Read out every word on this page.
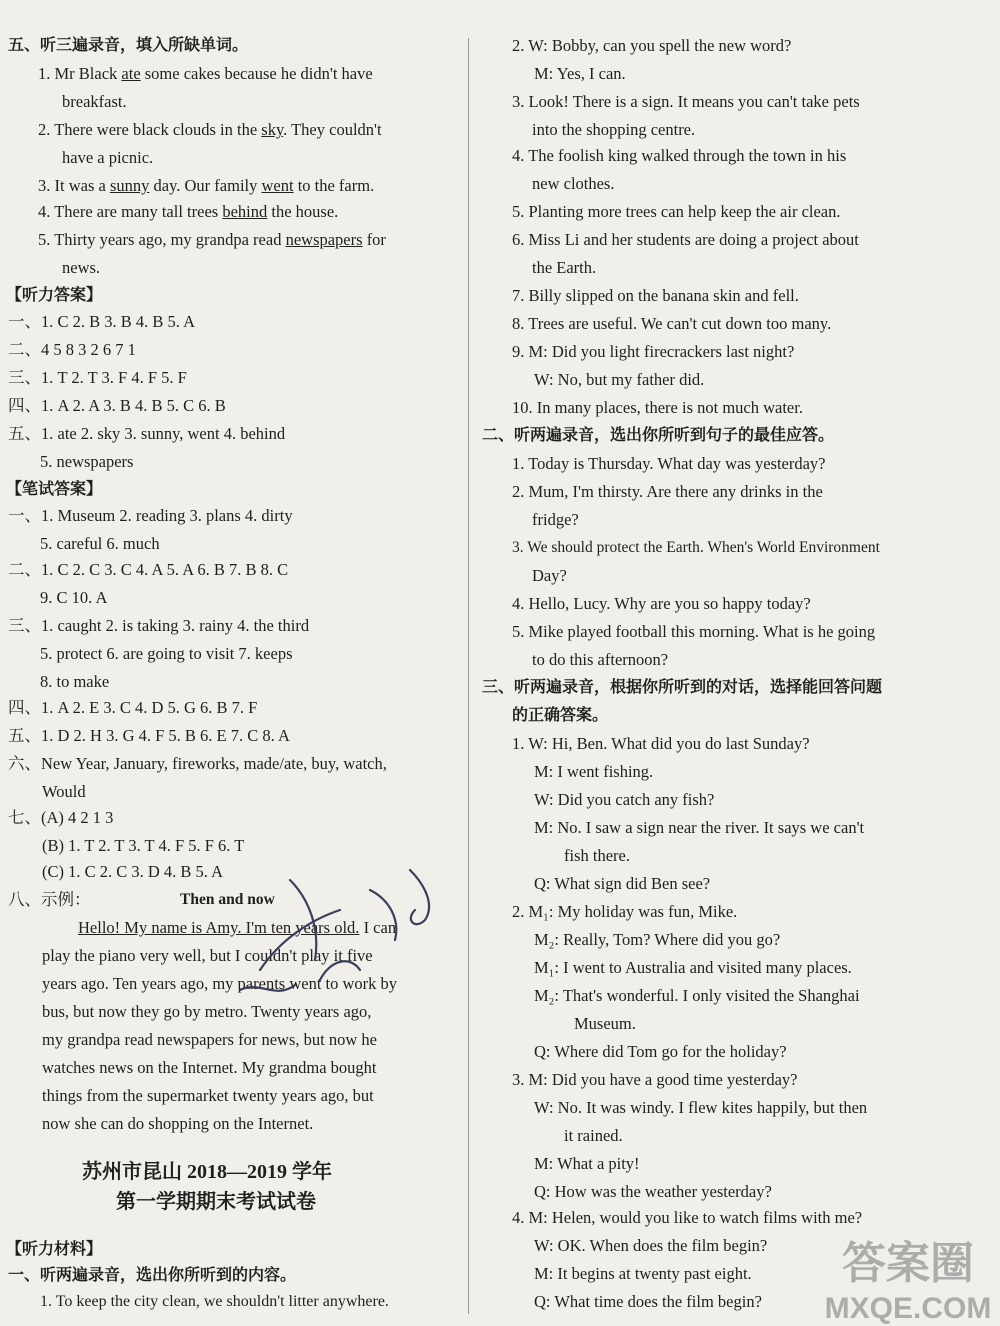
五、听三遍录音，填入所缺单词。
1. Mr Black ate some cakes because he didn't have
breakfast.
2. There were black clouds in the sky. They couldn't
have a picnic.
3. It was a sunny day. Our family went to the farm.
4. There are many tall trees behind the house.
5. Thirty years ago, my grandpa read newspapers for
news.
【听力答案】
一、1. C 2. B 3. B 4. B 5. A
二、4 5 8 3 2 6 7 1
三、1. T 2. T 3. F 4. F 5. F
四、1. A 2. A 3. B 4. B 5. C 6. B
五、1. ate 2. sky 3. sunny, went 4. behind
5. newspapers
【笔试答案】
一、1. Museum 2. reading 3. plans 4. dirty
5. careful 6. much
二、1. C 2. C 3. C 4. A 5. A 6. B 7. B 8. C
9. C 10. A
三、1. caught 2. is taking 3. rainy 4. the third
5. protect 6. are going to visit 7. keeps
8. to make
四、1. A 2. E 3. C 4. D 5. G 6. B 7. F
五、1. D 2. H 3. G 4. F 5. B 6. E 7. C 8. A
六、New Year, January, fireworks, made/ate, buy, watch,
Would
七、(A) 4 2 1 3
(B) 1. T 2. T 3. T 4. F 5. F 6. T
(C) 1. C 2. C 3. D 4. B 5. A
八、示例：	Then and now
Hello! My name is Amy. I'm ten years old. I can
play the piano very well, but I couldn't play it five
years ago. Ten years ago, my parents went to work by
bus, but now they go by metro. Twenty years ago,
my grandpa read newspapers for news, but now he
watches news on the Internet. My grandma bought
things from the supermarket twenty years ago, but
now she can do shopping on the Internet.
苏州市昆山 2018—2019 学年
第一学期期末考试试卷
【听力材料】
一、听两遍录音，选出你所听到的内容。
1. To keep the city clean, we shouldn't litter anywhere.
2. W: Bobby, can you spell the new word?
M: Yes, I can.
3. Look! There is a sign. It means you can't take pets
into the shopping centre.
4. The foolish king walked through the town in his
new clothes.
5. Planting more trees can help keep the air clean.
6. Miss Li and her students are doing a project about
the Earth.
7. Billy slipped on the banana skin and fell.
8. Trees are useful. We can't cut down too many.
9. M: Did you light firecrackers last night?
W: No, but my father did.
10. In many places, there is not much water.
二、听两遍录音，选出你所听到句子的最佳应答。
1. Today is Thursday. What day was yesterday?
2. Mum, I'm thirsty. Are there any drinks in the
fridge?
3. We should protect the Earth. When's World Environment
Day?
4. Hello, Lucy. Why are you so happy today?
5. Mike played football this morning. What is he going
to do this afternoon?
三、听两遍录音，根据你所听到的对话，选择能回答问题
的正确答案。
1. W: Hi, Ben. What did you do last Sunday?
M: I went fishing.
W: Did you catch any fish?
M: No. I saw a sign near the river. It says we can't
fish there.
Q: What sign did Ben see?
2. M₁: My holiday was fun, Mike.
M₂: Really, Tom? Where did you go?
M₁: I went to Australia and visited many places.
M₂: That's wonderful. I only visited the Shanghai
Museum.
Q: Where did Tom go for the holiday?
3. M: Did you have a good time yesterday?
W: No. It was windy. I flew kites happily, but then
it rained.
M: What a pity!
Q: How was the weather yesterday?
4. M: Helen, would you like to watch films with me?
W: OK. When does the film begin?
M: It begins at twenty past eight.
Q: What time does the film begin?
答案圈
MXQE.COM
